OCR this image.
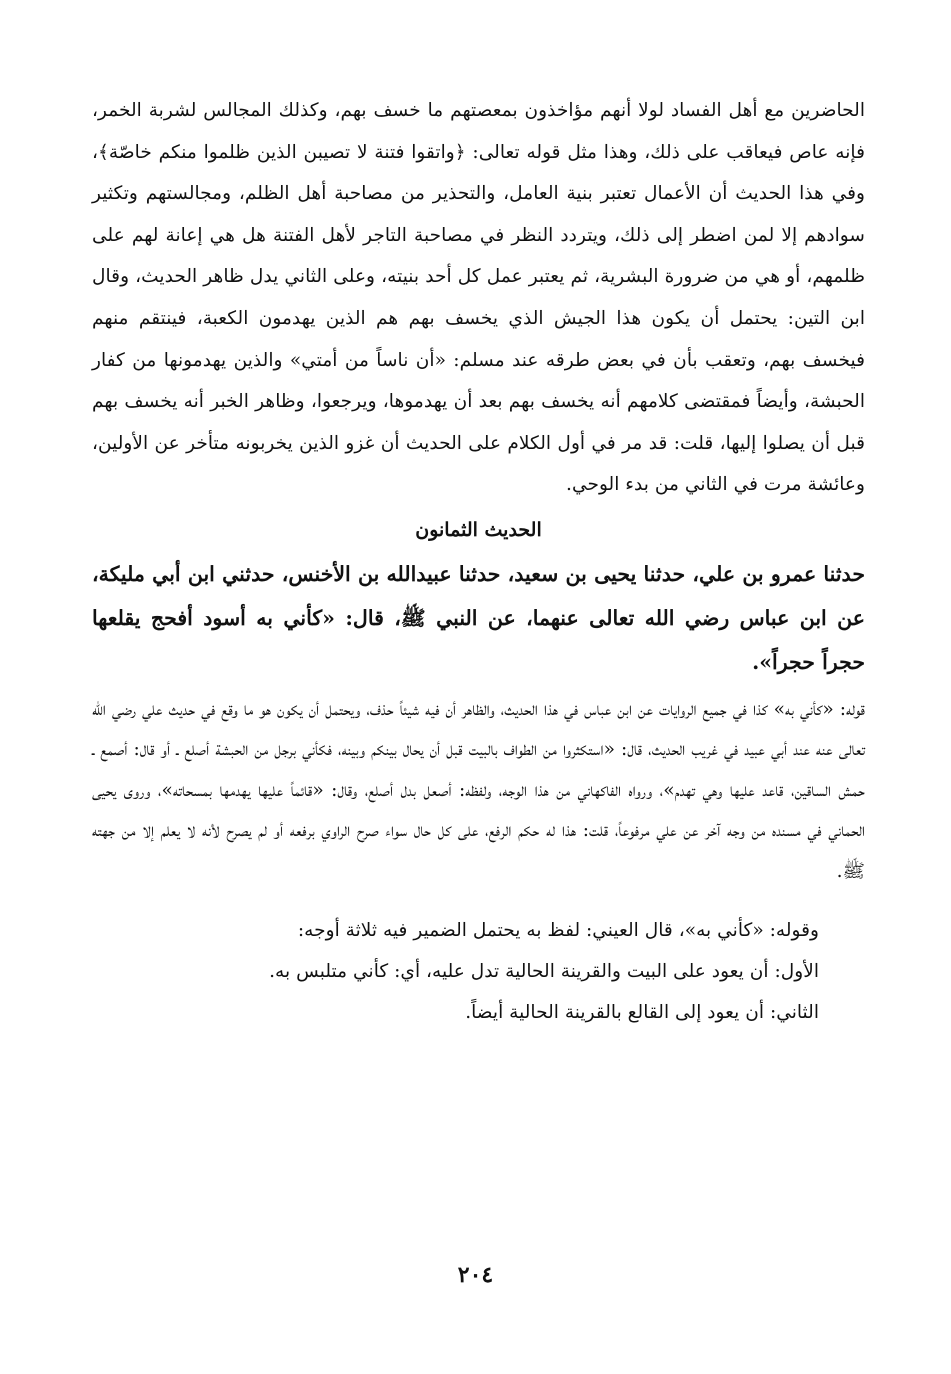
الحاضرين مع أهل الفساد لولا أنهم مؤاخذون بمعصتهم ما خسف بهم، وكذلك المجالس لشربة الخمر، فإنه عاص فيعاقب على ذلك، وهذا مثل قوله تعالى: ﴿واتقوا فتنة لا تصيبن الذين ظلموا منكم خاصّة﴾، وفي هذا الحديث أن الأعمال تعتبر بنية العامل، والتحذير من مصاحبة أهل الظلم، ومجالستهم وتكثير سوادهم إلا لمن اضطر إلى ذلك، ويتردد النظر في مصاحبة التاجر لأهل الفتنة هل هي إعانة لهم على ظلمهم، أو هي من ضرورة البشرية، ثم يعتبر عمل كل أحد بنيته، وعلى الثاني يدل ظاهر الحديث، وقال ابن التين: يحتمل أن يكون هذا الجيش الذي يخسف بهم هم الذين يهدمون الكعبة، فينتقم منهم فيخسف بهم، وتعقب بأن في بعض طرقه عند مسلم: «أن ناساً من أمتي» والذين يهدمونها من كفار الحبشة، وأيضاً فمقتضى كلامهم أنه يخسف بهم بعد أن يهدموها، ويرجعوا، وظاهر الخبر أنه يخسف بهم قبل أن يصلوا إليها، قلت: قد مر في أول الكلام على الحديث أن غزو الذين يخربونه متأخر عن الأولين، وعائشة مرت في الثاني من بدء الوحي.

الحديث الثمانون

حدثنا عمرو بن علي، حدثنا يحيى بن سعيد، حدثنا عبيدالله بن الأخنس، حدثني ابن أبي مليكة، عن ابن عباس رضي الله تعالى عنهما، عن النبي ﷺ، قال: «كأني به أسود أفحج يقلعها حجراً حجراً».

قوله: «كأني به» كذا في جميع الروايات عن ابن عباس في هذا الحديث، والظاهر أن فيه شيئاً حذف، ويحتمل أن يكون هو ما وقع في حديث علي رضي الله تعالى عنه عند أبي عبيد في غريب الحديث، قال: «استكثروا من الطواف بالبيت قبل أن يحال بينكم وبينه، فكأني برجل من الحبشة أصلع ـ أو قال: أصمع ـ حمش الساقين، قاعد عليها وهي تهدم»، ورواه الفاكهاني من هذا الوجه، ولفظه: أصعل بدل أصلع، وقال: «قائماً عليها يهدمها بمسحاته»، وروى يحيى الحماني في مسنده من وجه آخر عن علي مرفوعاً، قلت: هذا له حكم الرفع، على كل حال سواء صرح الراوي برفعه أو لم يصرح لأنه لا يعلم إلا من جهته ﷺ.

وقوله: «كأني به»، قال العيني: لفظ به يحتمل الضمير فيه ثلاثة أوجه:

الأول: أن يعود على البيت والقرينة الحالية تدل عليه، أي: كأني متلبس به.

الثاني: أن يعود إلى القالع بالقرينة الحالية أيضاً.

٢٠٤
